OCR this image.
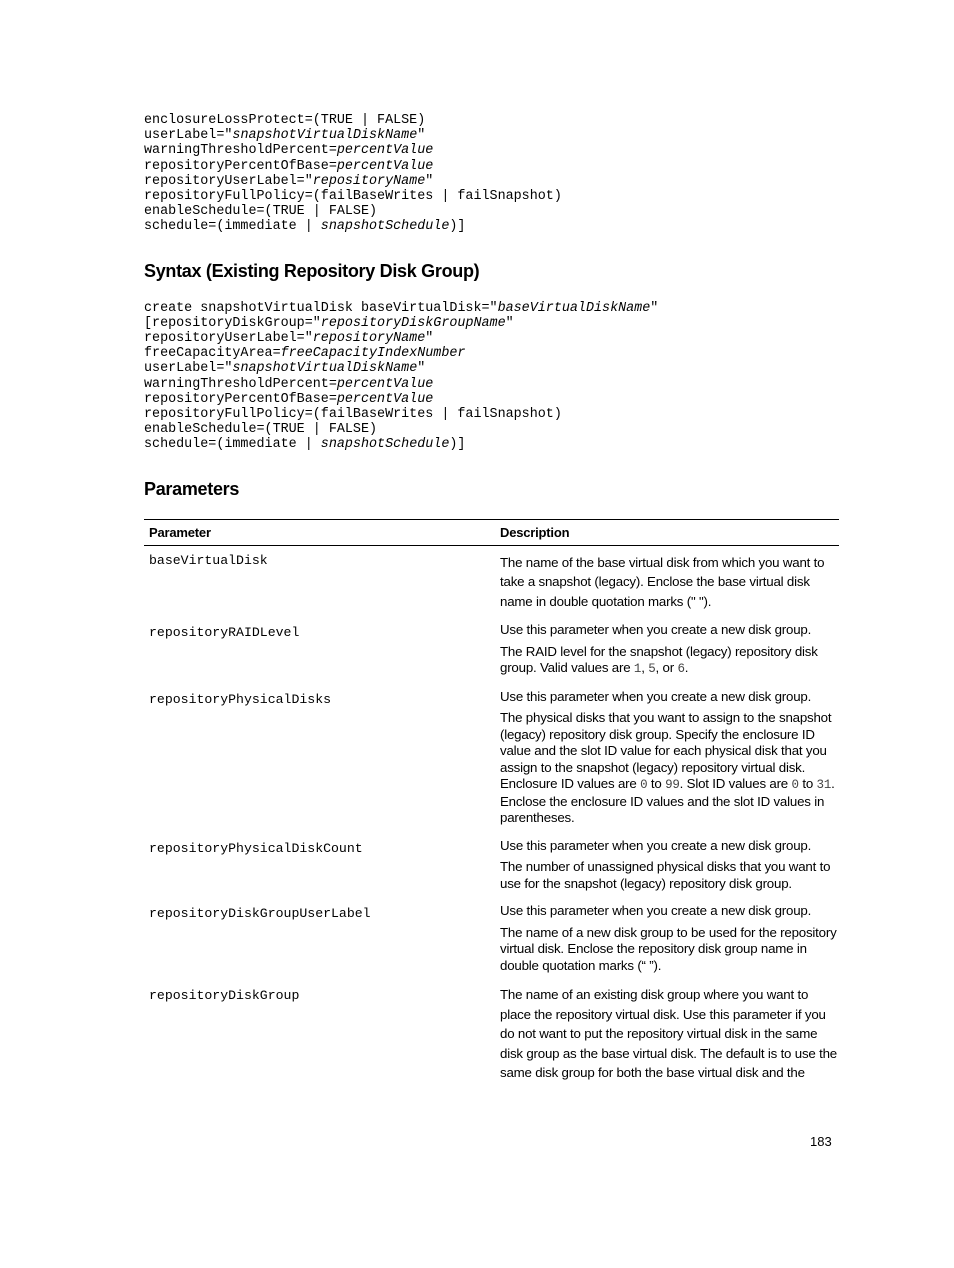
enclosureLossProtect=(TRUE | FALSE)
userLabel="snapshotVirtualDiskName"
warningThresholdPercent=percentValue
repositoryPercentOfBase=percentValue
repositoryUserLabel="repositoryName"
repositoryFullPolicy=(failBaseWrites | failSnapshot)
enableSchedule=(TRUE | FALSE)
schedule=(immediate | snapshotSchedule)]
Syntax (Existing Repository Disk Group)
create snapshotVirtualDisk baseVirtualDisk="baseVirtualDiskName"
[repositoryDiskGroup="repositoryDiskGroupName"
repositoryUserLabel="repositoryName"
freeCapacityArea=freeCapacityIndexNumber
userLabel="snapshotVirtualDiskName"
warningThresholdPercent=percentValue
repositoryPercentOfBase=percentValue
repositoryFullPolicy=(failBaseWrites | failSnapshot)
enableSchedule=(TRUE | FALSE)
schedule=(immediate | snapshotSchedule)]
Parameters
Parameter	Description
baseVirtualDisk	The name of the base virtual disk from which you want to take a snapshot (legacy). Enclose the base virtual disk name in double quotation marks (" ").

repositoryRAIDLevel	Use this parameter when you create a new disk group.

The RAID level for the snapshot (legacy) repository disk group. Valid values are 1, 5, or 6.

repositoryPhysicalDisks	Use this parameter when you create a new disk group.

The physical disks that you want to assign to the snapshot (legacy) repository disk group. Specify the enclosure ID value and the slot ID value for each physical disk that you assign to the snapshot (legacy) repository virtual disk. Enclosure ID values are 0 to 99. Slot ID values are 0 to 31. Enclose the enclosure ID values and the slot ID values in parentheses.

repositoryPhysicalDiskCount	Use this parameter when you create a new disk group.

The number of unassigned physical disks that you want to use for the snapshot (legacy) repository disk group.

repositoryDiskGroupUserLabel	Use this parameter when you create a new disk group.

The name of a new disk group to be used for the repository virtual disk. Enclose the repository disk group name in double quotation marks (“ ”).

repositoryDiskGroup	The name of an existing disk group where you want to place the repository virtual disk. Use this parameter if you do not want to put the repository virtual disk in the same disk group as the base virtual disk. The default is to use the same disk group for both the base virtual disk and the

183
